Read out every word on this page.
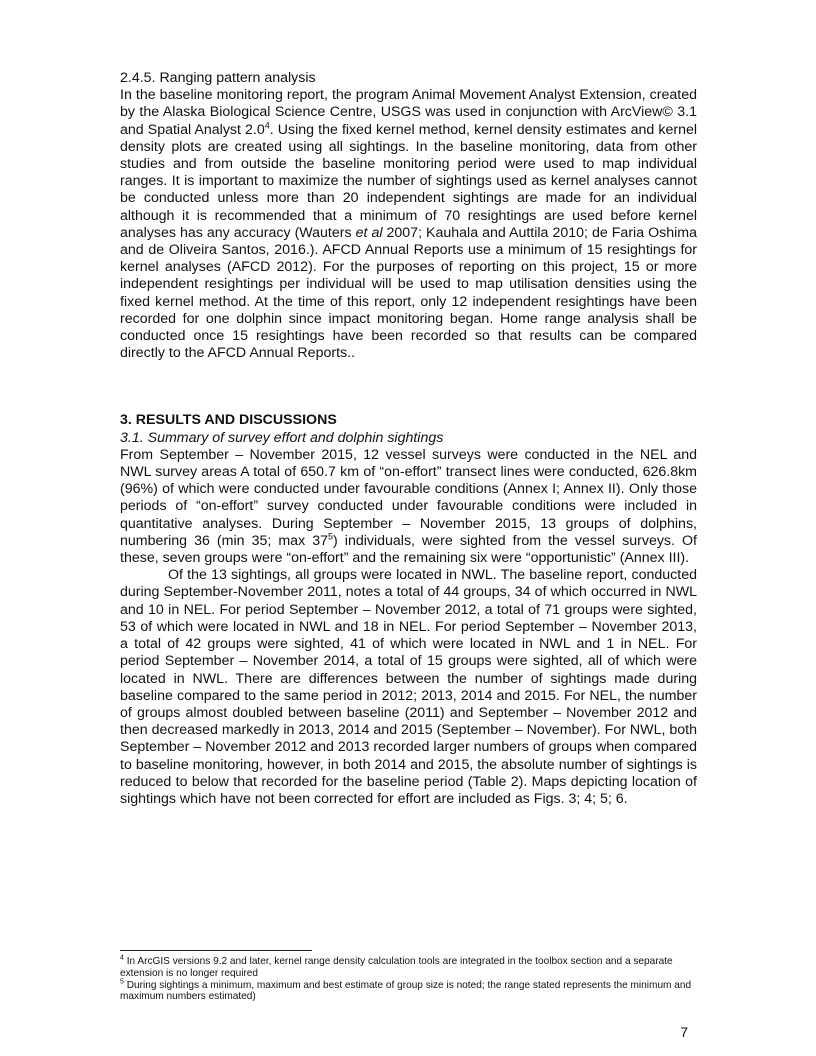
2.4.5. Ranging pattern analysis

In the baseline monitoring report, the program Animal Movement Analyst Extension, created by the Alaska Biological Science Centre, USGS was used in conjunction with ArcView© 3.1 and Spatial Analyst $2.0^4$. Using the fixed kernel method, kernel density estimates and kernel density plots are created using all sightings. In the baseline monitoring, data from other studies and from outside the baseline monitoring period were used to map individual ranges. It is important to maximize the number of sightings used as kernel analyses cannot be conducted unless more than 20 independent sightings are made for an individual although it is recommended that a minimum of 70 resightings are used before kernel analyses has any accuracy (Wauters et al 2007; Kauhala and Auttila 2010; de Faria Oshima and de Oliveira Santos, 2016.). AFCD Annual Reports use a minimum of 15 resightings for kernel analyses (AFCD 2012). For the purposes of reporting on this project, 15 or more independent resightings per individual will be used to map utilisation densities using the fixed kernel method. At the time of this report, only 12 independent resightings have been recorded for one dolphin since impact monitoring began. Home range analysis shall be conducted once 15 resightings have been recorded so that results can be compared directly to the AFCD Annual Reports..

3. RESULTS AND DISCUSSIONS

3.1. Summary of survey effort and dolphin sightings

From September – November 2015, 12 vessel surveys were conducted in the NEL and NWL survey areas A total of 650.7 km of “on-effort” transect lines were conducted, 626.8km (96%) of which were conducted under favourable conditions (Annex I; Annex II). Only those periods of “on-effort” survey conducted under favourable conditions were included in quantitative analyses. During September – November 2015, 13 groups of dolphins, numbering 36 (min 35; $\max 37^5$) individuals, were sighted from the vessel surveys. Of these, seven groups were “on-effort” and the remaining six were “opportunistic” (Annex III).

Of the 13 sightings, all groups were located in NWL. The baseline report, conducted during September-November 2011, notes a total of 44 groups, 34 of which occurred in NWL and 10 in NEL. For period September – November 2012, a total of 71 groups were sighted, 53 of which were located in NWL and 18 in NEL. For period September – November 2013, a total of 42 groups were sighted, 41 of which were located in NWL and 1 in NEL. For period September – November 2014, a total of 15 groups were sighted, all of which were located in NWL. There are differences between the number of sightings made during baseline compared to the same period in 2012; 2013, 2014 and 2015. For NEL, the number of groups almost doubled between baseline (2011) and September – November 2012 and then decreased markedly in 2013, 2014 and 2015 (September – November). For NWL, both September – November 2012 and 2013 recorded larger numbers of groups when compared to baseline monitoring, however, in both 2014 and 2015, the absolute number of sightings is reduced to below that recorded for the baseline period (Table 2). Maps depicting location of sightings which have not been corrected for effort are included as Figs. 3; 4; 5; 6.

$^4$ In ArcGIS versions 9.2 and later, kernel range density calculation tools are integrated in the toolbox section and a separate extension is no longer required

$^5$ During sightings a minimum, maximum and best estimate of group size is noted; the range stated represents the minimum and maximum numbers estimated)

7
